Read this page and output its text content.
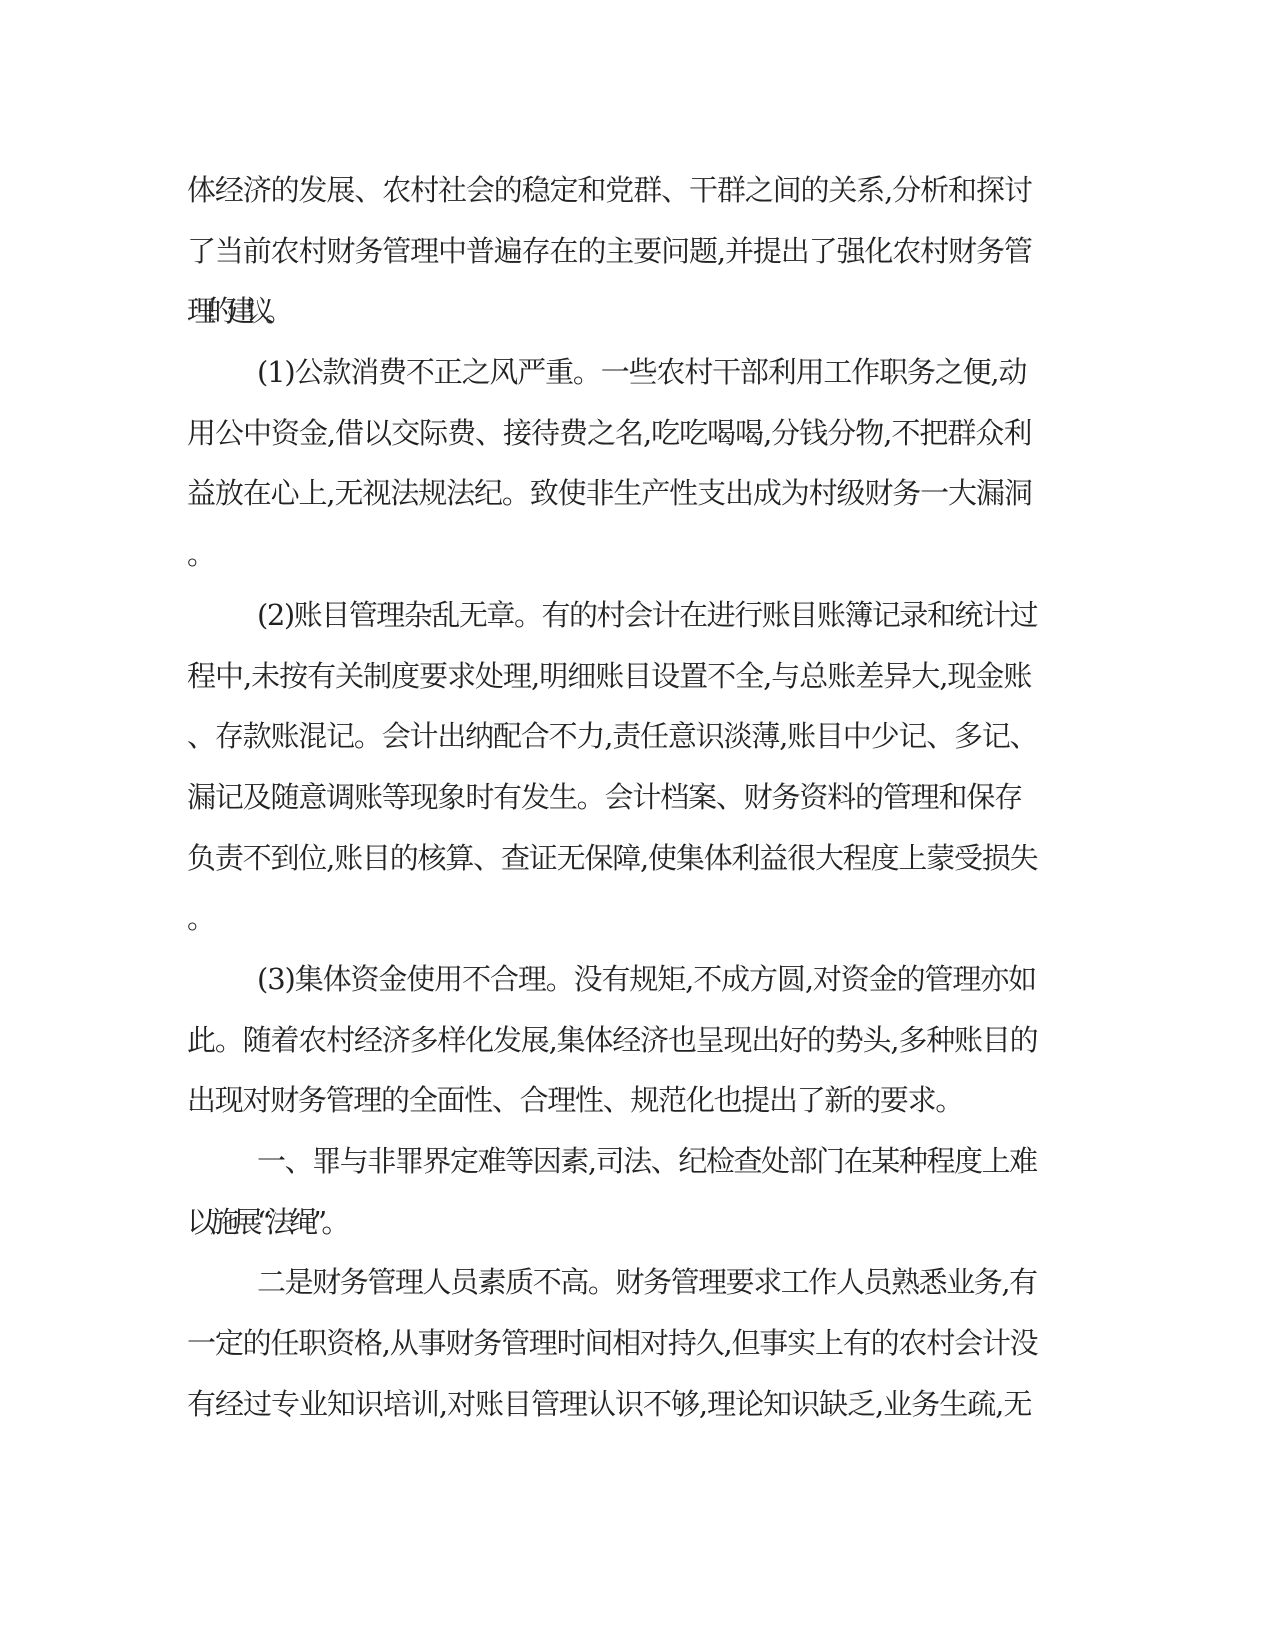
体经济的发展、农村社会的稳定和党群、干群之间的关系,分析和探讨
了当前农村财务管理中普遍存在的主要问题,并提出了强化农村财务管
理的建议。
(1)公款消费不正之风严重。一些农村干部利用工作职务之便,动
用公中资金,借以交际费、接待费之名,吃吃喝喝,分钱分物,不把群众利
益放在心上,无视法规法纪。致使非生产性支出成为村级财务一大漏洞
。
(2)账目管理杂乱无章。有的村会计在进行账目账簿记录和统计过
程中,未按有关制度要求处理,明细账目设置不全,与总账差异大,现金账
、存款账混记。会计出纳配合不力,责任意识淡薄,账目中少记、多记、
漏记及随意调账等现象时有发生。会计档案、财务资料的管理和保存
负责不到位,账目的核算、查证无保障,使集体利益很大程度上蒙受损失
。
(3)集体资金使用不合理。没有规矩,不成方圆,对资金的管理亦如
此。随着农村经济多样化发展,集体经济也呈现出好的势头,多种账目的
出现对财务管理的全面性、合理性、规范化也提出了新的要求。
一、罪与非罪界定难等因素,司法、纪检查处部门在某种程度上难
以施展“法绳”。
二是财务管理人员素质不高。财务管理要求工作人员熟悉业务,有
一定的任职资格,从事财务管理时间相对持久,但事实上有的农村会计没
有经过专业知识培训,对账目管理认识不够,理论知识缺乏,业务生疏,无
